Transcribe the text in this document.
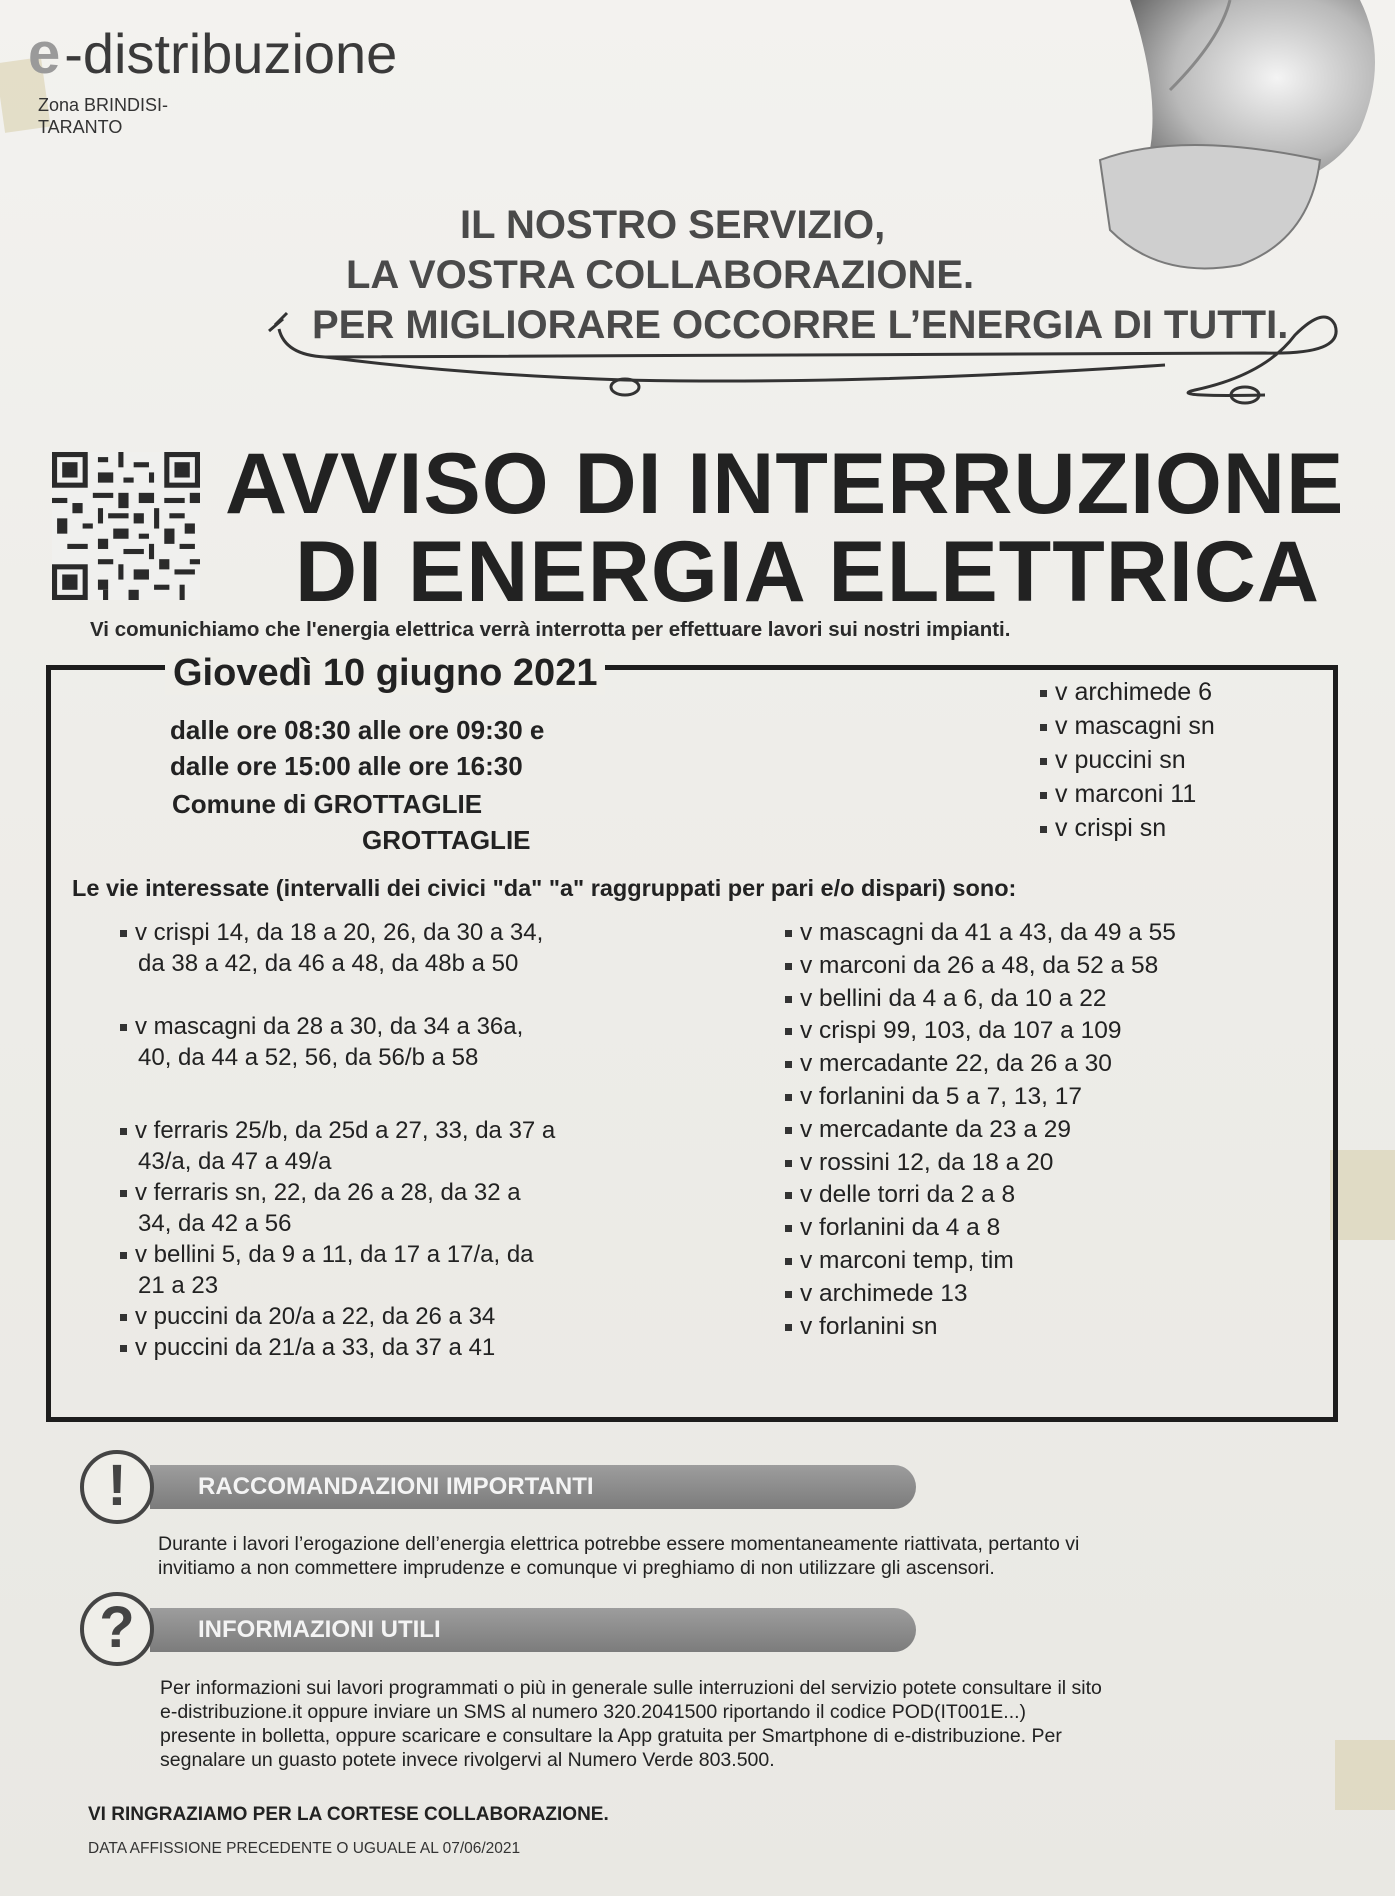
e -distribuzione
Zona BRINDISI-
TARANTO
IL NOSTRO SERVIZIO,
LA VOSTRA COLLABORAZIONE.
PER MIGLIORARE OCCORRE L’ENERGIA DI TUTTI.
AVVISO DI INTERRUZIONE
DI ENERGIA ELETTRICA
Vi comunichiamo che l'energia elettrica verrà interrotta per effettuare lavori sui nostri impianti.
Giovedì 10 giugno 2021
dalle ore 08:30 alle ore 09:30 e
dalle ore 15:00 alle ore 16:30
Comune di GROTTAGLIE
GROTTAGLIE
v archimede 6
v mascagni sn
v puccini sn
v marconi 11
v crispi sn
Le vie interessate (intervalli dei civici "da" "a" raggruppati per pari e/o dispari) sono:
v crispi 14, da 18 a 20, 26, da 30 a 34,
da 38 a 42, da 46 a 48, da 48b a 50
v mascagni da 28 a 30, da 34 a 36a,
40, da 44 a 52, 56, da 56/b a 58
v ferraris 25/b, da 25d a 27, 33, da 37 a
43/a, da 47 a 49/a
v ferraris sn, 22, da 26 a 28, da 32 a
34, da 42 a 56
v bellini 5, da 9 a 11, da 17 a 17/a, da
21 a 23
v puccini da 20/a a 22, da 26 a 34
v puccini da 21/a a 33, da 37 a 41
v mascagni da 41 a 43, da 49 a 55
v marconi da 26 a 48, da 52 a 58
v bellini da 4 a 6, da 10 a 22
v crispi 99, 103, da 107 a 109
v mercadante 22, da 26 a 30
v forlanini da 5 a 7, 13, 17
v mercadante da 23 a 29
v rossini 12, da 18 a 20
v delle torri da 2 a 8
v forlanini da 4 a 8
v marconi temp, tim
v archimede 13
v forlanini sn
RACCOMANDAZIONI IMPORTANTI
!
Durante i lavori l’erogazione dell’energia elettrica potrebbe essere momentaneamente riattivata, pertanto vi
invitiamo a non commettere imprudenze e comunque vi preghiamo di non utilizzare gli ascensori.
INFORMAZIONI UTILI
?
Per informazioni sui lavori programmati o più in generale sulle interruzioni del servizio potete consultare il sito
e-distribuzione.it oppure inviare un SMS al numero 320.2041500 riportando il codice POD(IT001E...)
presente in bolletta, oppure scaricare e consultare la App gratuita per Smartphone di e-distribuzione. Per
segnalare un guasto potete invece rivolgervi al Numero Verde 803.500.
VI RINGRAZIAMO PER LA CORTESE COLLABORAZIONE.
DATA AFFISSIONE PRECEDENTE O UGUALE AL 07/06/2021
